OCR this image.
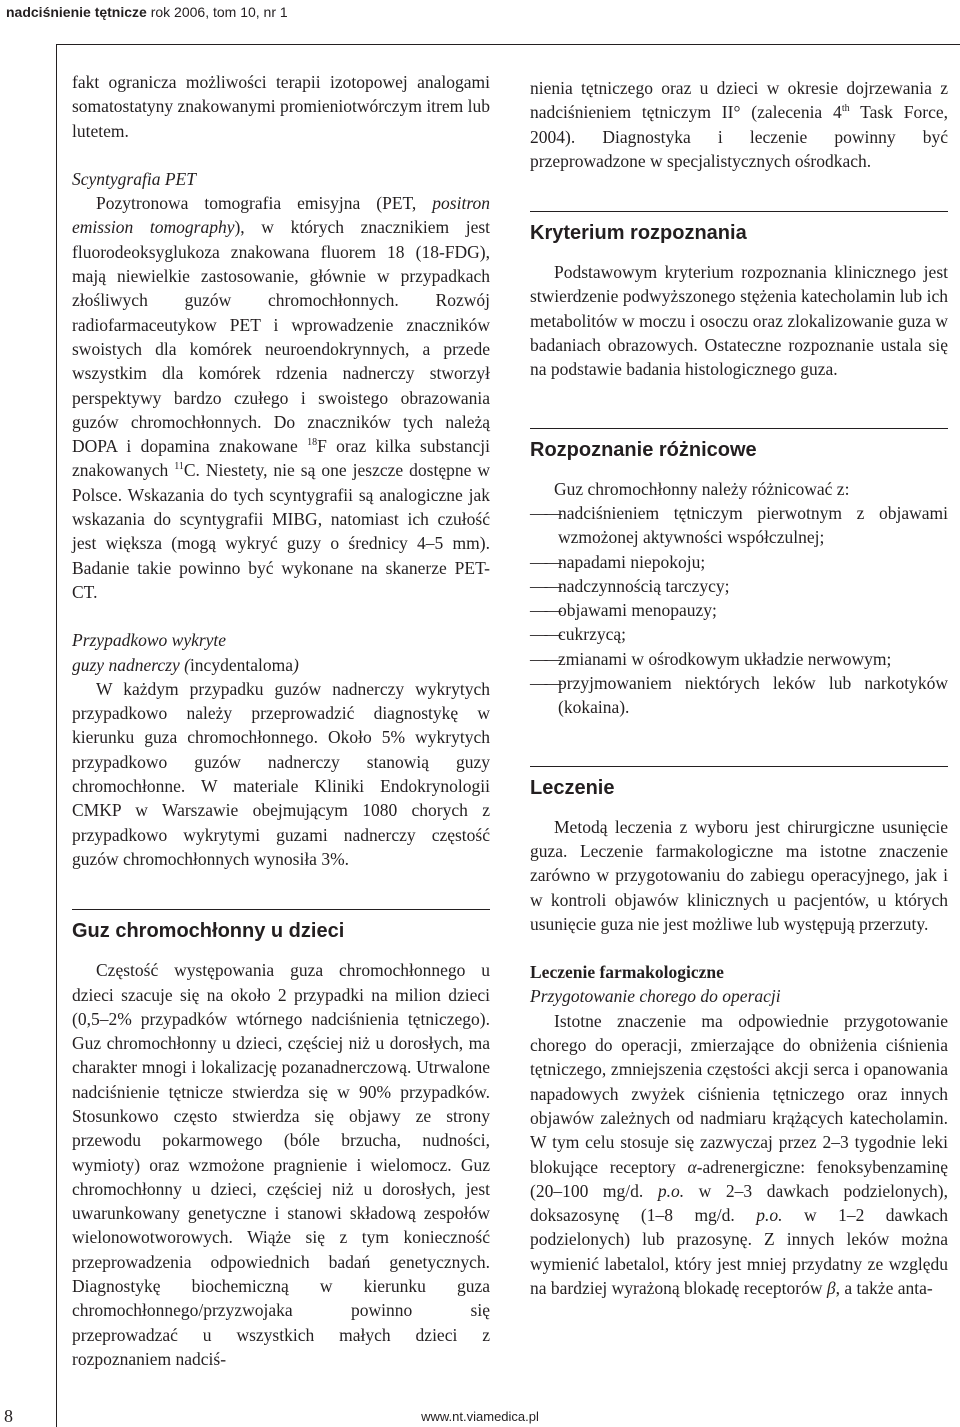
nadciśnienie tętnicze rok 2006, tom 10, nr 1

fakt ogranicza możliwości terapii izotopowej analogami somatostatyny znakowanymi promieniotwórczym itrem lub lutetem.

Scyntygrafia PET

Pozytronowa tomografia emisyjna (PET, positron emission tomography), w których znacznikiem jest fluorodeoksyglukoza znakowana fluorem 18 (18-FDG), mają niewielkie zastosowanie, głównie w przypadkach złośliwych guzów chromochłonnych. Rozwój radiofarmaceutykow PET i wprowadzenie znaczników swoistych dla komórek neuroendokrynnych, a przede wszystkim dla komórek rdzenia nadnerczy stworzył perspektywy bardzo czułego i swoistego obrazowania guzów chromochłonnych. Do znaczników tych należą DOPA i dopamina znakowane $^{18}$F oraz kilka substancji znakowanych $^{11}$C. Niestety, nie są one jeszcze dostępne w Polsce. Wskazania do tych scyntygrafii są analogiczne jak wskazania do scyntygrafii MIBG, natomiast ich czułość jest większa (mogą wykryć guzy o średnicy 4–5 mm). Badanie takie powinno być wykonane na skanerze PET-CT.

Przypadkowo wykryte

guzy nadnerczy (incydentaloma)

W każdym przypadku guzów nadnerczy wykrytych przypadkowo należy przeprowadzić diagnostykę w kierunku guza chromochłonnego. Około 5% wykrytych przypadkowo guzów nadnerczy stanowią guzy chromochłonne. W materiale Kliniki Endokrynologii CMKP w Warszawie obejmującym 1080 chorych z przypadkowo wykrytymi guzami nadnerczy częstość guzów chromochłonnych wynosiła 3%.

Guz chromochłonny u dzieci

Częstość występowania guza chromochłonnego u dzieci szacuje się na około 2 przypadki na milion dzieci (0,5–2% przypadków wtórnego nadciśnienia tętniczego). Guz chromochłonny u dzieci, częściej niż u dorosłych, ma charakter mnogi i lokalizację pozanadnerczową. Utrwalone nadciśnienie tętnicze stwierdza się w 90% przypadków. Stosunkowo często stwierdza się objawy ze strony przewodu pokarmowego (bóle brzucha, nudności, wymioty) oraz wzmożone pragnienie i wielomocz. Guz chromochłonny u dzieci, częściej niż u dorosłych, jest uwarunkowany genetyczne i stanowi składową zespołów wielonowotworowych. Wiąże się z tym konieczność przeprowadzenia odpowiednich badań genetycznych. Diagnostykę biochemiczną w kierunku guza chromochłonnego/przyzwojaka powinno się przeprowadzać u wszystkich małych dzieci z rozpoznaniem nadciś-

nienia tętniczego oraz u dzieci w okresie dojrzewania z nadciśnieniem tętniczym II° (zalecenia 4th Task Force, 2004). Diagnostyka i leczenie powinny być przeprowadzone w specjalistycznych ośrodkach.

Kryterium rozpoznania

Podstawowym kryterium rozpoznania klinicznego jest stwierdzenie podwyższonego stężenia katecholamin lub ich metabolitów w moczu i osoczu oraz zlokalizowanie guza w badaniach obrazowych. Ostateczne rozpoznanie ustala się na podstawie badania histologicznego guza.

Rozpoznanie różnicowe

Guz chromochłonny należy różnicować z:

—— nadciśnieniem tętniczym pierwotnym z objawami wzmożonej aktywności współczulnej;
—— napadami niepokoju;
—— nadczynnością tarczycy;
—— objawami menopauzy;
—— cukrzycą;
—— zmianami w ośrodkowym układzie nerwowym;
—— przyjmowaniem niektórych leków lub narkotyków (kokaina).
Leczenie

Metodą leczenia z wyboru jest chirurgiczne usunięcie guza. Leczenie farmakologiczne ma istotne znaczenie zarówno w przygotowaniu do zabiegu operacyjnego, jak i w kontroli objawów klinicznych u pacjentów, u których usunięcie guza nie jest możliwe lub występują przerzuty.

Leczenie farmakologiczne

Przygotowanie chorego do operacji

Istotne znaczenie ma odpowiednie przygotowanie chorego do operacji, zmierzające do obniżenia ciśnienia tętniczego, zmniejszenia częstości akcji serca i opanowania napadowych zwyżek ciśnienia tętniczego oraz innych objawów zależnych od nadmiaru krążących katecholamin. W tym celu stosuje się zazwyczaj przez 2–3 tygodnie leki blokujące receptory α-adrenergiczne: fenoksybenzaminę (20–100 mg/d. p.o. w 2–3 dawkach podzielonych), doksazosynę (1–8 mg/d. p.o. w 1–2 dawkach podzielonych) lub prazosynę. Z innych leków można wymienić labetalol, który jest mniej przydatny ze względu na bardziej wyrażoną blokadę receptorów β, a także anta-

8	www.nt.viamedica.pl
